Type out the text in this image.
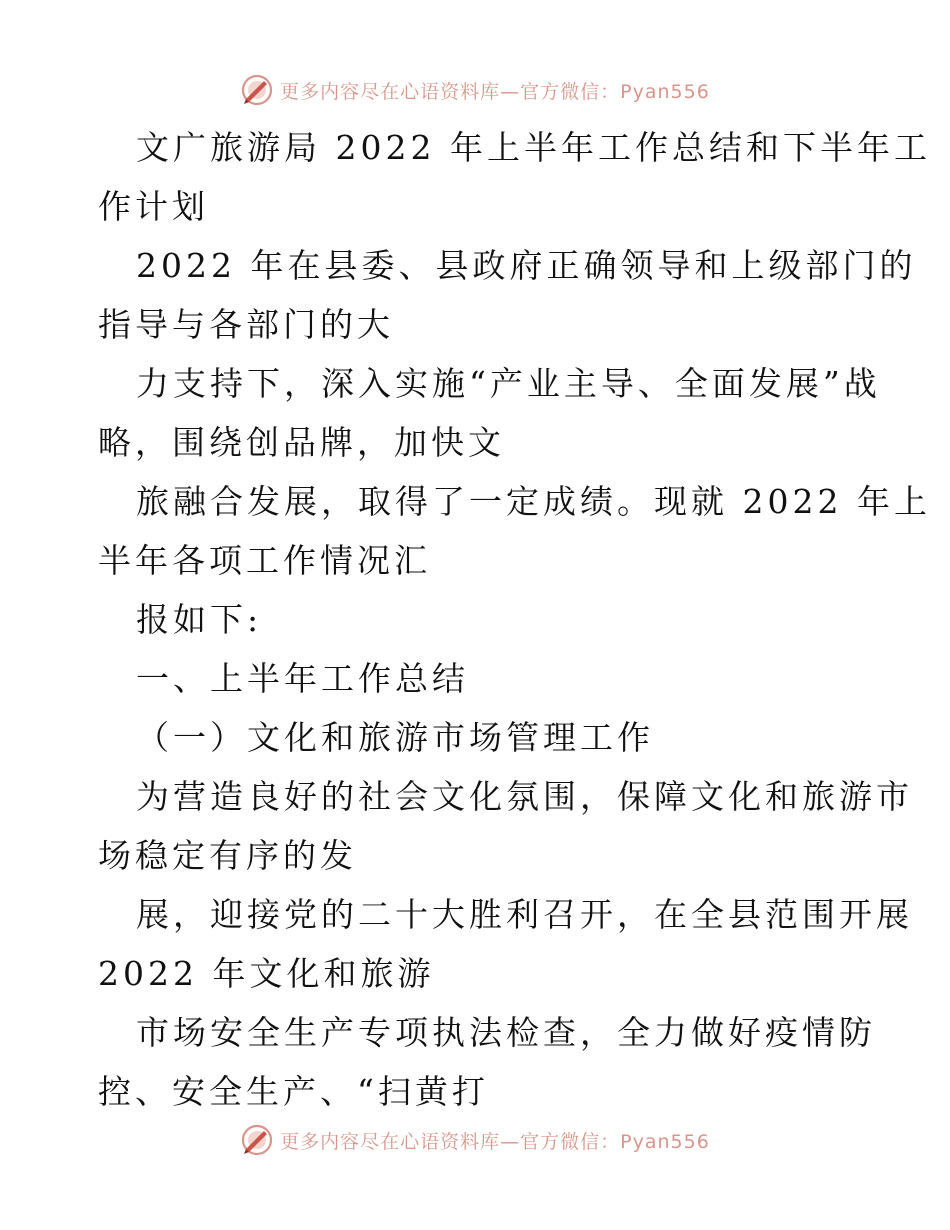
更多内容尽在心语资料库—官方微信：Pyan556
文广旅游局 2022 年上半年工作总结和下半年工
作计划
2022 年在县委、县政府正确领导和上级部门的
指导与各部门的大
力支持下，深入实施“产业主导、全面发展”战
略，围绕创品牌，加快文
旅融合发展，取得了一定成绩。现就 2022 年上
半年各项工作情况汇
报如下:
一、上半年工作总结
（一）文化和旅游市场管理工作
为营造良好的社会文化氛围，保障文化和旅游市
场稳定有序的发
展，迎接党的二十大胜利召开，在全县范围开展
2022 年文化和旅游
市场安全生产专项执法检查，全力做好疫情防
控、安全生产、“扫黄打
更多内容尽在心语资料库—官方微信：Pyan556
